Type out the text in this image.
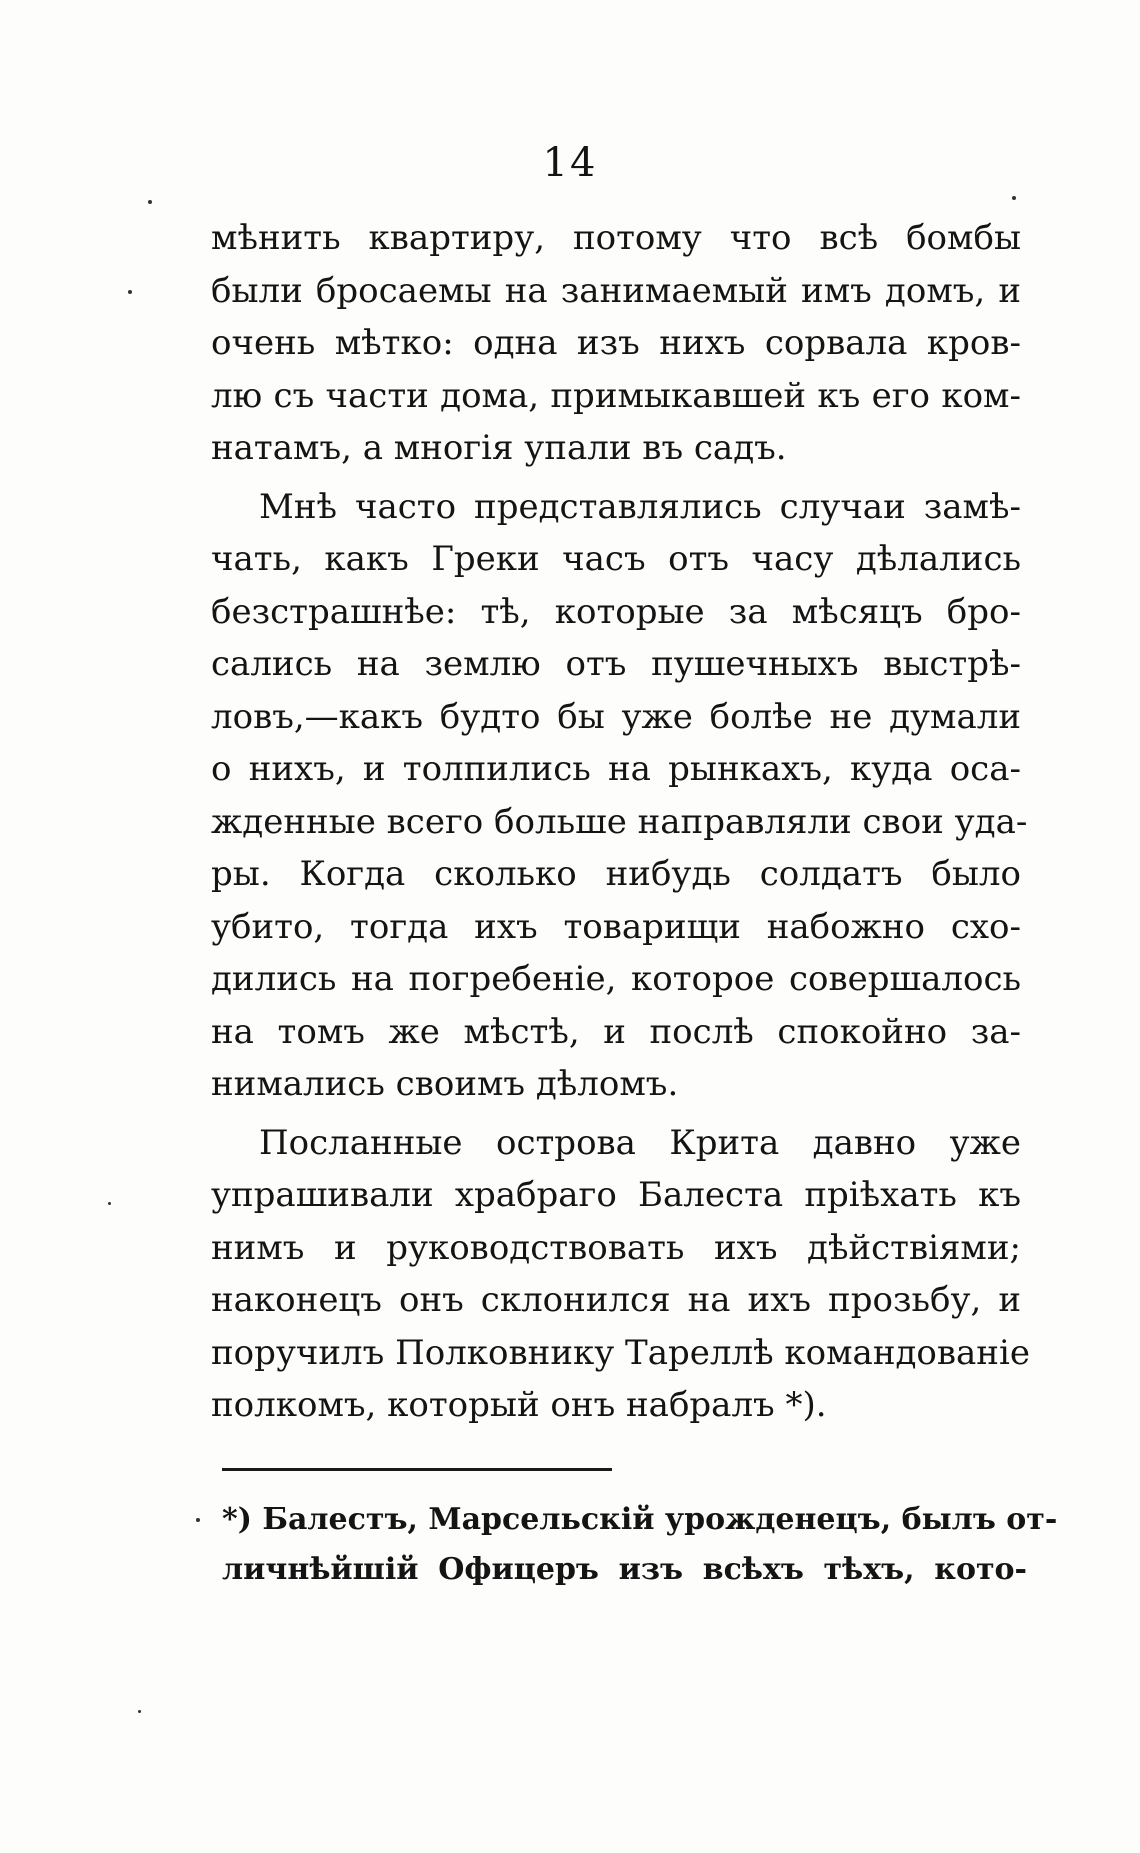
14
мѣнить квартиру, потому что всѣ бомбы
были бросаемы на занимаемый имъ домъ, и
очень мѣтко: одна изъ нихъ сорвала кров-
лю съ части дома, примыкавшей къ его ком-
натамъ, а многія упали въ садъ.
Мнѣ часто представлялись случаи замѣ-
чать, какъ Греки часъ отъ часу дѣлались
безстрашнѣе: тѣ, которые за мѣсяцъ бро-
сались на землю отъ пушечныхъ выстрѣ-
ловъ,—какъ будто бы уже болѣе не думали
о нихъ, и толпились на рынкахъ, куда оса-
жденные всего больше направляли свои уда-
ры. Когда сколько нибудь солдатъ было
убито, тогда ихъ товарищи набожно схо-
дились на погребеніе, которое совершалось
на томъ же мѣстѣ, и послѣ спокойно за-
нимались своимъ дѣломъ.
Посланные острова Крита давно уже
упрашивали храбраго Балеста пріѣхать къ
нимъ и руководствовать ихъ дѣйствіями;
наконецъ онъ склонился на ихъ прозьбу, и
поручилъ Полковнику Тареллѣ командованіе
полкомъ, который онъ набралъ *).
*) Балестъ, Марсельскій урожденецъ, былъ от-
личнѣйшій Офицеръ изъ всѣхъ тѣхъ, кото-
